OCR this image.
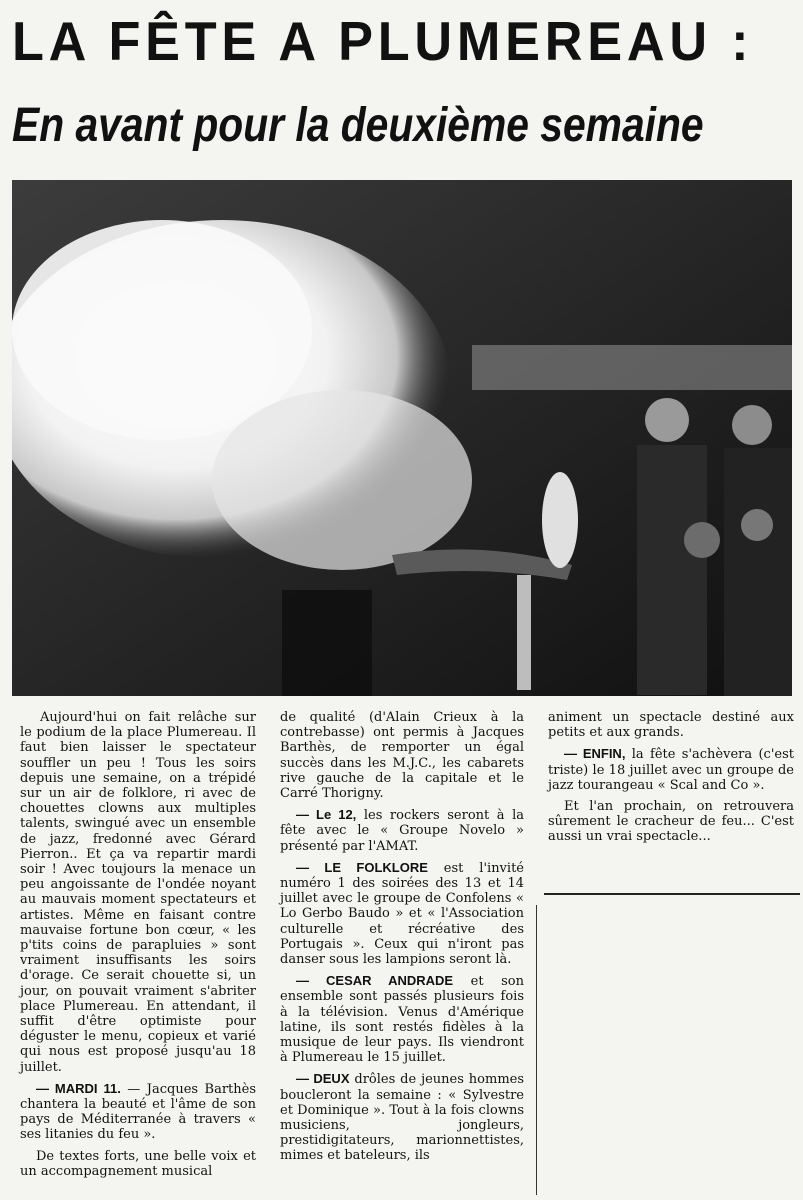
LA FÊTE A PLUMEREAU :
En avant pour la deuxième semaine

Aujourd'hui on fait relâche sur le podium de la place Plumereau. Il faut bien laisser le spectateur souffler un peu ! Tous les soirs depuis une semaine, on a trépidé sur un air de folklore, ri avec de chouettes clowns aux multiples talents, swingué avec un ensemble de jazz, fredonné avec Gérard Pierron.. Et ça va repartir mardi soir ! Avec toujours la menace un peu angoissante de l'ondée noyant au mauvais moment spectateurs et artistes. Même en faisant contre mauvaise fortune bon cœur, « les p'tits coins de parapluies » sont vraiment insuffisants les soirs d'orage. Ce serait chouette si, un jour, on pouvait vraiment s'abriter place Plumereau. En attendant, il suffit d'être optimiste pour déguster le menu, copieux et varié qui nous est proposé jusqu'au 18 juillet.

— MARDI 11. — Jacques Barthès chantera la beauté et l'âme de son pays de Méditerranée à travers « ses litanies du feu ».

De textes forts, une belle voix et un accompagnement musical

de qualité (d'Alain Crieux à la contrebasse) ont permis à Jacques Barthès, de remporter un égal succès dans les M.J.C., les cabarets rive gauche de la capitale et le Carré Thorigny.

— Le 12, les rockers seront à la fête avec le « Groupe Novelo » présenté par l'AMAT.

— LE FOLKLORE est l'invité numéro 1 des soirées des 13 et 14 juillet avec le groupe de Confolens « Lo Gerbo Baudo » et « l'Association culturelle et récréative des Portugais ». Ceux qui n'iront pas danser sous les lampions seront là.

— CESAR ANDRADE et son ensemble sont passés plusieurs fois à la télévision. Venus d'Amérique latine, ils sont restés fidèles à la musique de leur pays. Ils viendront à Plumereau le 15 juillet.

— DEUX drôles de jeunes hommes boucleront la semaine : « Sylvestre et Dominique ». Tout à la fois clowns musiciens, jongleurs, prestidigitateurs, marionnettistes, mimes et bateleurs, ils

animent un spectacle destiné aux petits et aux grands.

— ENFIN, la fête s'achèvera (c'est triste) le 18 juillet avec un groupe de jazz tourangeau « Scal and Co ».

Et l'an prochain, on retrouvera sûrement le cracheur de feu... C'est aussi un vrai spectacle...
